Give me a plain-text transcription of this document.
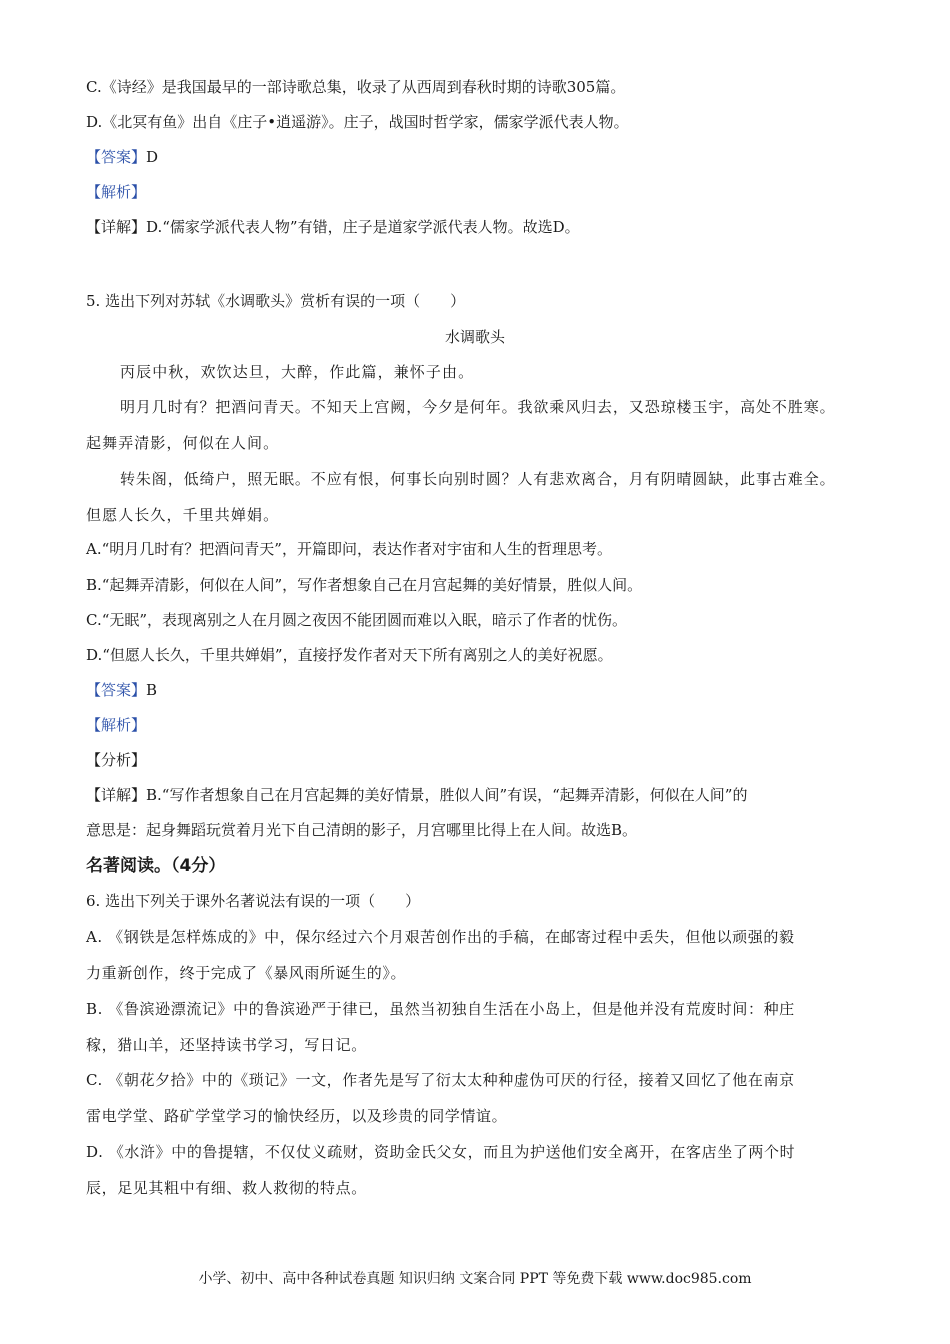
C.《诗经》是我国最早的一部诗歌总集，收录了从西周到春秋时期的诗歌305篇。
D.《北冥有鱼》出自《庄子•逍遥游》。庄子，战国时哲学家，儒家学派代表人物。
【答案】D
【解析】
【详解】D.“儒家学派代表人物”有错，庄子是道家学派代表人物。故选D。
5. 选出下列对苏轼《水调歌头》赏析有误的一项（　　）
水调歌头
丙辰中秋，欢饮达旦，大醉，作此篇，兼怀子由。
明月几时有？把酒问青天。不知天上宫阙，今夕是何年。我欲乘风归去，又恐琼楼玉宇，高处不胜寒。
起舞弄清影，何似在人间。
转朱阁，低绮户，照无眠。不应有恨，何事长向别时圆？人有悲欢离合，月有阴晴圆缺，此事古难全。
但愿人长久，千里共婵娟。
A.“明月几时有？把酒问青天”，开篇即问，表达作者对宇宙和人生的哲理思考。
B.“起舞弄清影，何似在人间”，写作者想象自己在月宫起舞的美好情景，胜似人间。
C.“无眠”，表现离别之人在月圆之夜因不能团圆而难以入眠，暗示了作者的忧伤。
D.“但愿人长久，千里共婵娟”，直接抒发作者对天下所有离别之人的美好祝愿。
【答案】B
【解析】
【分析】
【详解】B.“写作者想象自己在月宫起舞的美好情景，胜似人间”有误，“起舞弄清影，何似在人间”的
意思是：起身舞蹈玩赏着月光下自己清朗的影子，月宫哪里比得上在人间。故选B。
名著阅读。（4分）
6. 选出下列关于课外名著说法有误的一项（　　）
A. 《钢铁是怎样炼成的》中，保尔经过六个月艰苦创作出的手稿，在邮寄过程中丢失，但他以顽强的毅
力重新创作，终于完成了《暴风雨所诞生的》。
B. 《鲁滨逊漂流记》中的鲁滨逊严于律已，虽然当初独自生活在小岛上，但是他并没有荒废时间：种庄
稼，猎山羊，还坚持读书学习，写日记。
C. 《朝花夕拾》中的《琐记》一文，作者先是写了衍太太种种虚伪可厌的行径，接着又回忆了他在南京
雷电学堂、路矿学堂学习的愉快经历，以及珍贵的同学情谊。
D. 《水浒》中的鲁提辖，不仅仗义疏财，资助金氏父女，而且为护送他们安全离开，在客店坐了两个时
辰，足见其粗中有细、救人救彻的特点。
小学、初中、高中各种试卷真题 知识归纳 文案合同 PPT 等免费下载 www.doc985.com
